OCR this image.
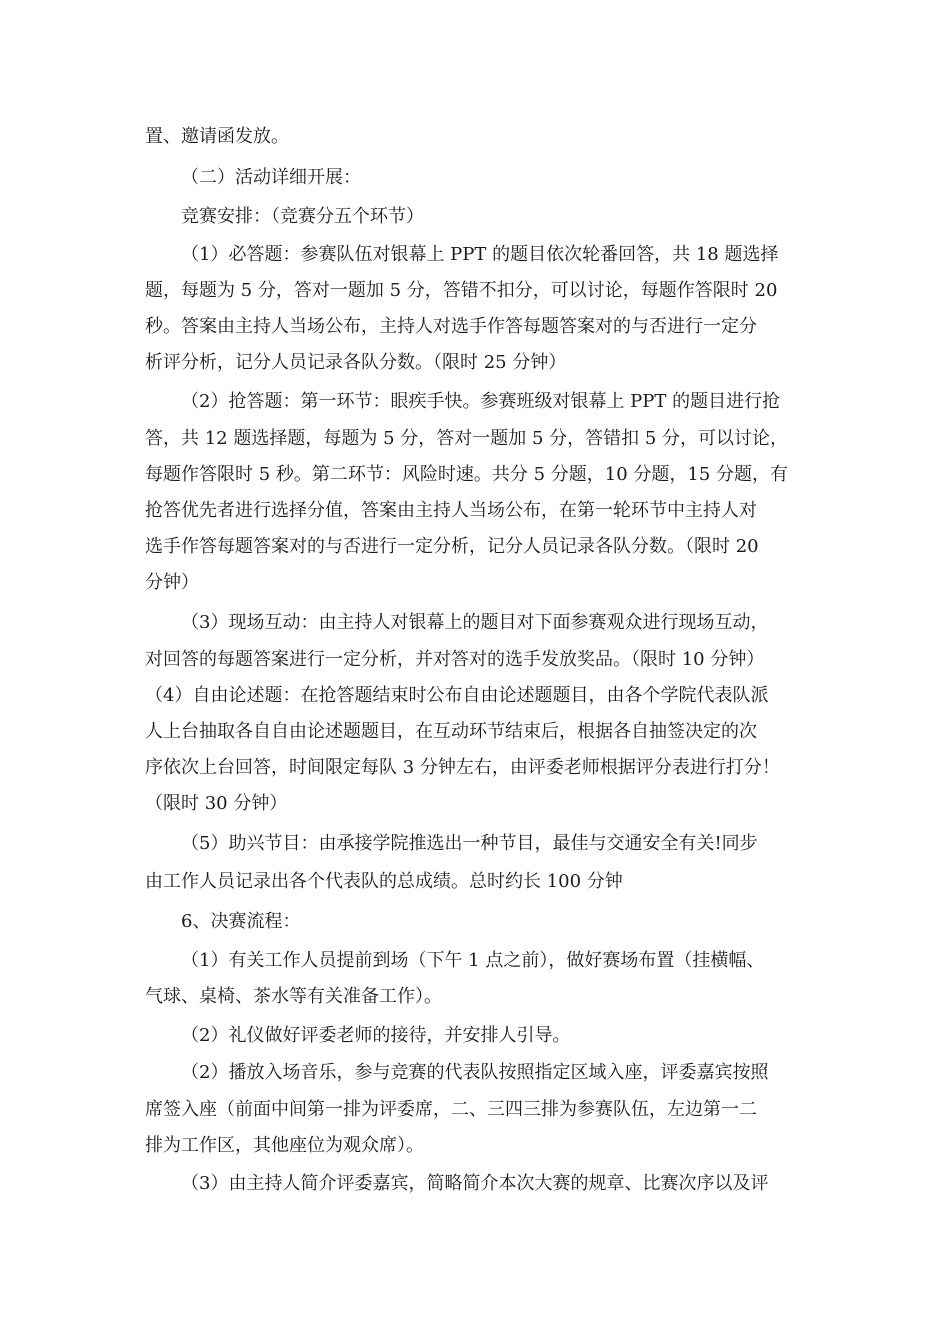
置、邀请函发放。
（二）活动详细开展：
竞赛安排：（竞赛分五个环节）
（1）必答题：参赛队伍对银幕上 PPT 的题目依次轮番回答，共 18 题选择
题，每题为 5 分，答对一题加 5 分，答错不扣分，可以讨论，每题作答限时 20
秒。答案由主持人当场公布，主持人对选手作答每题答案对的与否进行一定分
析评分析，记分人员记录各队分数。（限时 25 分钟）
（2）抢答题：第一环节：眼疾手快。参赛班级对银幕上 PPT 的题目进行抢
答，共 12 题选择题，每题为 5 分，答对一题加 5 分，答错扣 5 分，可以讨论，
每题作答限时 5 秒。第二环节：风险时速。共分 5 分题，10 分题，15 分题，有
抢答优先者进行选择分值，答案由主持人当场公布，在第一轮环节中主持人对
选手作答每题答案对的与否进行一定分析，记分人员记录各队分数。（限时 20
分钟）
（3）现场互动：由主持人对银幕上的题目对下面参赛观众进行现场互动，
对回答的每题答案进行一定分析，并对答对的选手发放奖品。（限时 10 分钟）
（4）自由论述题：在抢答题结束时公布自由论述题题目，由各个学院代表队派
人上台抽取各自自由论述题题目，在互动环节结束后，根据各自抽签决定的次
序依次上台回答，时间限定每队 3 分钟左右，由评委老师根据评分表进行打分！
（限时 30 分钟）
（5）助兴节目：由承接学院推选出一种节目，最佳与交通安全有关!同步
由工作人员记录出各个代表队的总成绩。总时约长 100 分钟
6、决赛流程：
（1）有关工作人员提前到场（下午 1 点之前），做好赛场布置（挂横幅、
气球、桌椅、茶水等有关准备工作）。
（2）礼仪做好评委老师的接待，并安排人引导。
（2）播放入场音乐，参与竞赛的代表队按照指定区域入座，评委嘉宾按照
席签入座（前面中间第一排为评委席，二、三四三排为参赛队伍，左边第一二
排为工作区，其他座位为观众席）。
（3）由主持人简介评委嘉宾，简略简介本次大赛的规章、比赛次序以及评
